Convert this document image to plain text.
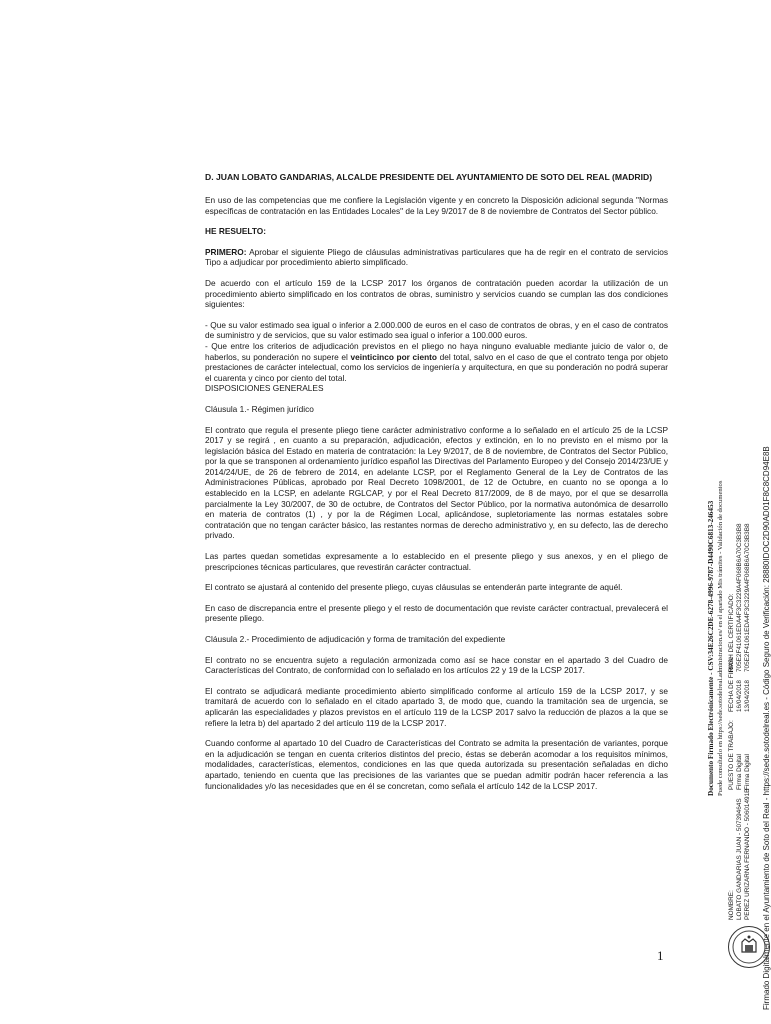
D. JUAN LOBATO GANDARIAS, ALCALDE PRESIDENTE DEL AYUNTAMIENTO DE SOTO DEL REAL (MADRID)

En uso de las competencias que me confiere la Legislación vigente y en concreto la Disposición adicional segunda "Normas específicas de contratación en las Entidades Locales" de la Ley 9/2017 de 8 de noviembre de Contratos del Sector público.

HE RESUELTO:

PRIMERO: Aprobar el siguiente Pliego de cláusulas administrativas particulares que ha de regir en el contrato de servicios Tipo a adjudicar por procedimiento abierto simplificado.

De acuerdo con el artículo 159 de la LCSP 2017 los órganos de contratación pueden acordar la utilización de un procedimiento abierto simplificado en los contratos de obras, suministro y servicios cuando se cumplan las dos condiciones siguientes:

- Que su valor estimado sea igual o inferior a 2.000.000 de euros en el caso de contratos de obras, y en el caso de contratos de suministro y de servicios, que su valor estimado sea igual o inferior a 100.000 euros.

- Que entre los criterios de adjudicación previstos en el pliego no haya ninguno evaluable mediante juicio de valor o, de haberlos, su ponderación no supere el veinticinco por ciento del total, salvo en el caso de que el contrato tenga por objeto prestaciones de carácter intelectual, como los servicios de ingeniería y arquitectura, en que su ponderación no podrá superar el cuarenta y cinco por ciento del total.

DISPOSICIONES GENERALES

Cláusula 1.- Régimen jurídico

El contrato que regula el presente pliego tiene carácter administrativo conforme a lo señalado en el artículo 25 de la LCSP 2017 y se regirá , en cuanto a su preparación, adjudicación, efectos y extinción, en lo no previsto en el mismo por la legislación básica del Estado en materia de contratación: la Ley 9/2017, de 8 de noviembre, de Contratos del Sector Público, por la que se transponen al ordenamiento jurídico español las Directivas del Parlamento Europeo y del Consejo 2014/23/UE y 2014/24/UE, de 26 de febrero de 2014, en adelante LCSP, por el Reglamento General de la Ley de Contratos de las Administraciones Públicas, aprobado por Real Decreto 1098/2001, de 12 de Octubre, en cuanto no se oponga a lo establecido en la LCSP, en adelante RGLCAP, y por el Real Decreto 817/2009, de 8 de mayo, por el que se desarrolla parcialmente la Ley 30/2007, de 30 de octubre, de Contratos del Sector Público, por la normativa autonómica de desarrollo en materia de contratos (1) , y por la de Régimen Local, aplicándose, supletoriamente las normas estatales sobre contratación que no tengan carácter básico, las restantes normas de derecho administrativo y, en su defecto, las de derecho privado.

Las partes quedan sometidas expresamente a lo establecido en el presente pliego y sus anexos, y en el pliego de prescripciones técnicas particulares, que revestirán carácter contractual.

El contrato se ajustará al contenido del presente pliego, cuyas cláusulas se entenderán parte integrante de aquél.

En caso de discrepancia entre el presente pliego y el resto de documentación que reviste carácter contractual, prevalecerá el presente pliego.

Cláusula 2.- Procedimiento de adjudicación y forma de tramitación del expediente

El contrato no se encuentra sujeto a regulación armonizada como así se hace constar en el apartado 3 del Cuadro de Características del Contrato, de conformidad con lo señalado en los artículos 22 y 19 de la LCSP 2017.

El contrato se adjudicará mediante procedimiento abierto simplificado conforme al artículo 159 de la LCSP 2017, y se tramitará de acuerdo con lo señalado en el citado apartado 3, de modo que, cuando la tramitación sea de urgencia, se aplicarán las especialidades y plazos previstos en el artículo 119 de la LCSP 2017 salvo la reducción de plazos a la que se refiere la letra b) del apartado 2 del artículo 119 de la LCSP 2017.

Cuando conforme al apartado 10 del Cuadro de Características del Contrato se admita la presentación de variantes, porque en la adjudicación se tengan en cuenta criterios distintos del precio, éstas se deberán acomodar a los requisitos mínimos, modalidades, características, elementos, condiciones en las que queda autorizada su presentación señaladas en dicho apartado, teniendo en cuenta que las precisiones de las variantes que se puedan admitir podrán hacer referencia a las funcionalidades y/o las necesidades que en él se concretan, como señala el artículo 142 de la LCSP 2017.

1
Documento Firmado Electrónicamente - CSV:34E26C2DE-6278-4996-9787-D4490C6813-246453 Puede consultarlo en https://sede.sotodelreal.administracion.es/ en el apartado Mis trámites - Validación de documentos
NOMBRE: LOBATO GANDARIAS JUAN - 50739464S PEREZ URIZARNA FERNANDO - 50601491B
PUESTO DE TRABAJO: Firma Digital Firma Digital
FECHA DE FIRMA: 16/04/2018 13/04/2018
HASH DEL CERTIFICADO: 705E2F41061EDA4F3C3229A4F068B6A70C3B3B8 705E2F41061EDA4F3C3229A4F068B6A70C3B3B8 Firmado Digitalmente en el Ayuntamiento de Soto del Real - https://sede.sotodelreal.es - Código Seguro de Verificación: 28880IDOC2D90AD01F8C8CD94E8B
